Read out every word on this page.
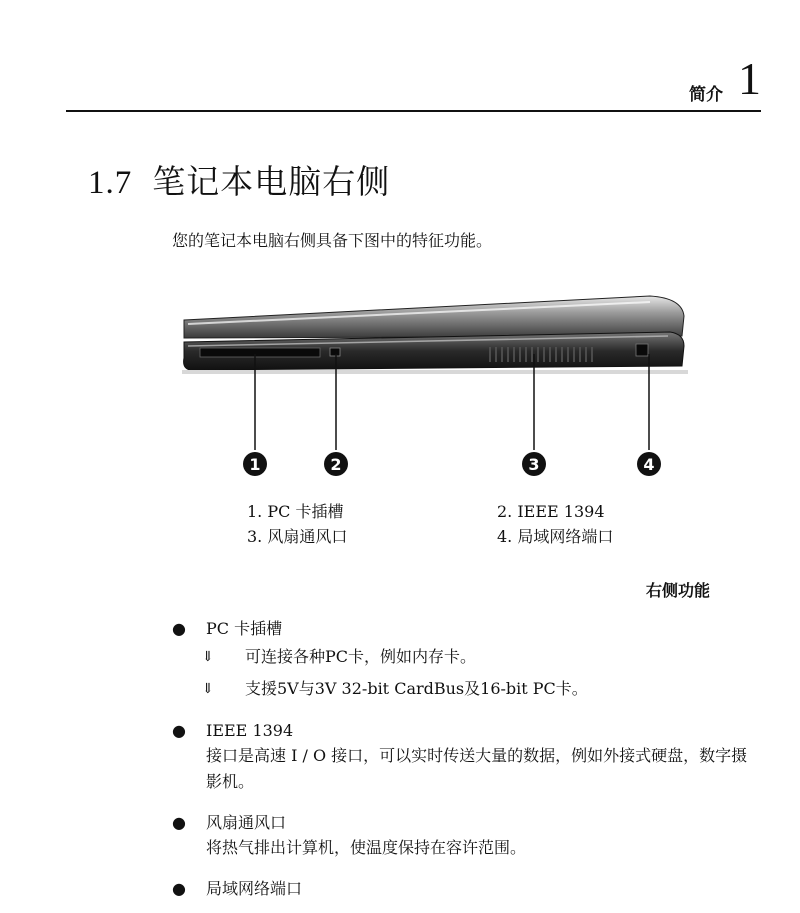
简介 1
1.7 笔记本电脑右侧
您的笔记本电脑右侧具备下图中的特征功能。
1	2	3	4
1. PC 卡插槽	2. IEEE 1394
3. 风扇通风口	4. 局域网络端口
右侧功能
● PC 卡插槽
⇓ 可连接各种PC卡，例如内存卡。
⇓ 支援5V与3V 32-bit CardBus及16-bit PC卡。
● IEEE 1394
接口是高速 I / O 接口，可以实时传送大量的数据，例如外接式硬盘，数字摄影机。
● 风扇通风口
将热气排出计算机，使温度保持在容许范围。
● 局域网络端口
